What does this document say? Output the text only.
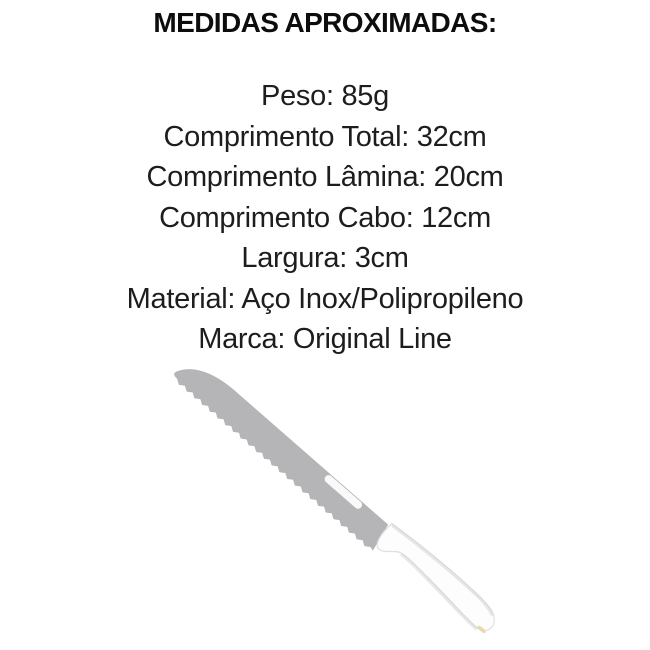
MEDIDAS APROXIMADAS:
Peso: 85g
Comprimento Total: 32cm
Comprimento Lâmina: 20cm
Comprimento Cabo: 12cm
Largura: 3cm
Material: Aço Inox/Polipropileno
Marca: Original Line
